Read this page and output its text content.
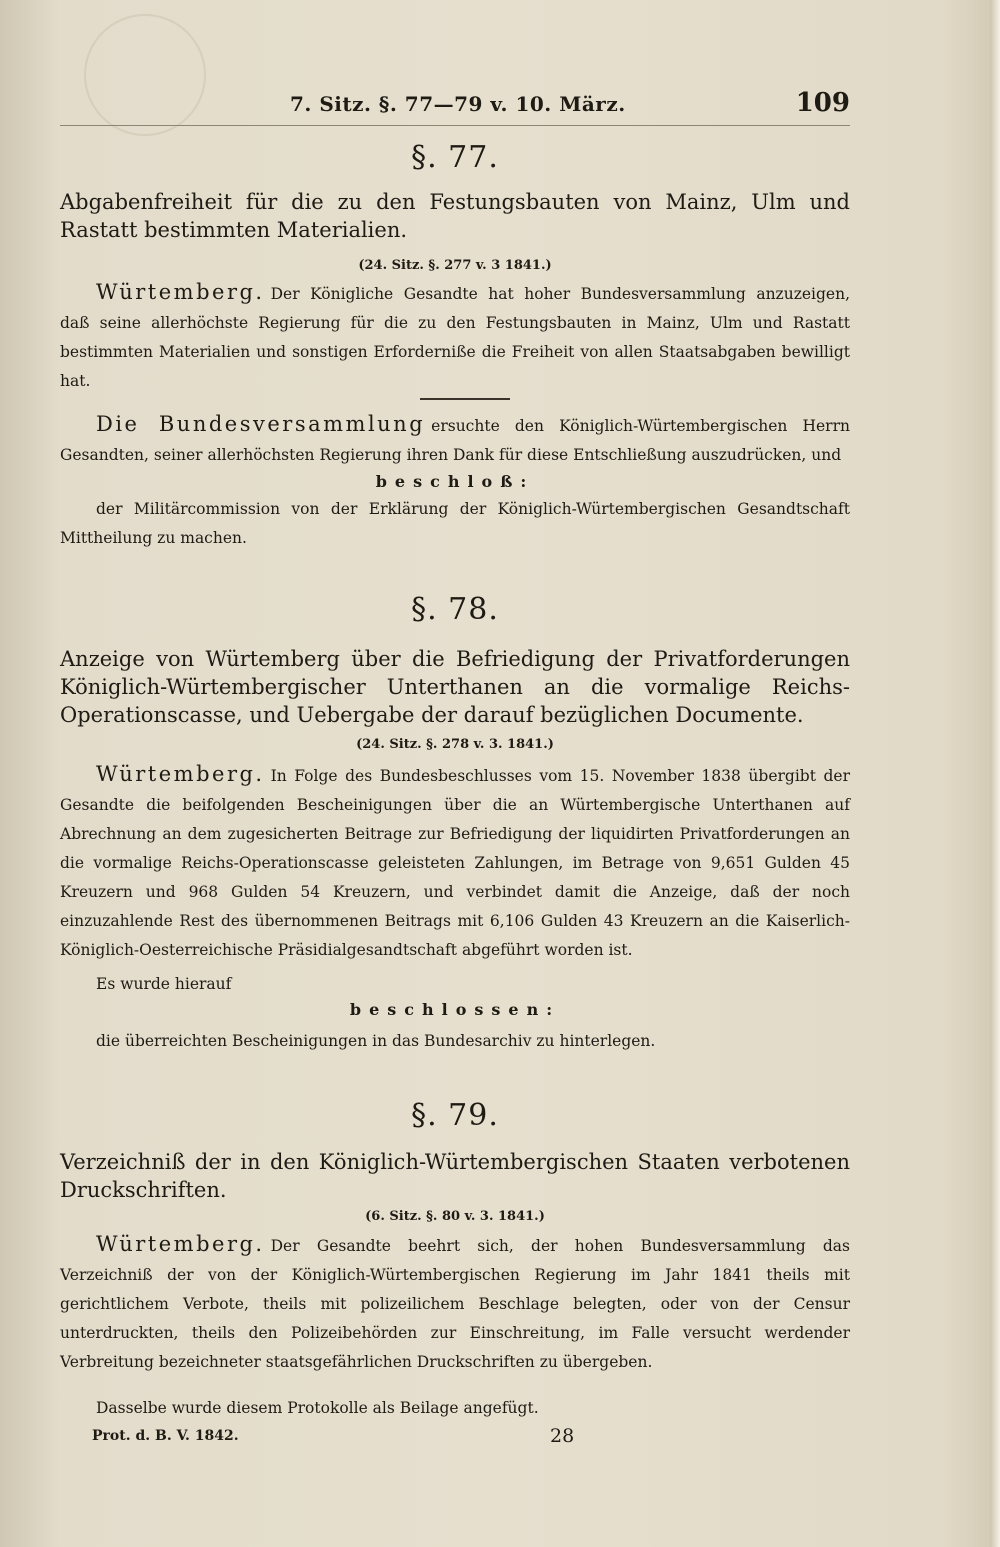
7. Sitz. §. 77—79 v. 10. März.	109
§. 77.
Abgabenfreiheit für die zu den Festungsbauten von Mainz, Ulm und Rastatt bestimmten Materialien.
(24. Sitz. §. 277 v. 3 1841.)
Würtemberg. Der Königliche Gesandte hat hoher Bundesversammlung anzuzeigen, daß seine allerhöchste Regierung für die zu den Festungsbauten in Mainz, Ulm und Rastatt bestimmten Materialien und sonstigen Erforderniße die Freiheit von allen Staatsabgaben bewilligt hat.
Die Bundesversammlung ersuchte den Königlich-Würtembergischen Herrn Gesandten, seiner allerhöchsten Regierung ihren Dank für diese Entschließung auszudrücken, und
beschloß:
der Militärcommission von der Erklärung der Königlich-Würtembergischen Gesandtschaft Mittheilung zu machen.
§. 78.
Anzeige von Würtemberg über die Befriedigung der Privatforderungen Königlich-Würtembergischer Unterthanen an die vormalige Reichs-Operationscasse, und Uebergabe der darauf bezüglichen Documente.
(24. Sitz. §. 278 v. 3. 1841.)
Würtemberg. In Folge des Bundesbeschlusses vom 15. November 1838 übergibt der Gesandte die beifolgenden Bescheinigungen über die an Würtembergische Unterthanen auf Abrechnung an dem zugesicherten Beitrage zur Befriedigung der liquidirten Privatforderungen an die vormalige Reichs-Operationscasse geleisteten Zahlungen, im Betrage von 9,651 Gulden 45 Kreuzern und 968 Gulden 54 Kreuzern, und verbindet damit die Anzeige, daß der noch einzuzahlende Rest des übernommenen Beitrags mit 6,106 Gulden 43 Kreuzern an die Kaiserlich-Königlich-Oesterreichische Präsidialgesandtschaft abgeführt worden ist.
Es wurde hierauf
beschlossen:
die überreichten Bescheinigungen in das Bundesarchiv zu hinterlegen.
§. 79.
Verzeichniß der in den Königlich-Würtembergischen Staaten verbotenen Druckschriften.
(6. Sitz. §. 80 v. 3. 1841.)
Würtemberg. Der Gesandte beehrt sich, der hohen Bundesversammlung das Verzeichniß der von der Königlich-Würtembergischen Regierung im Jahr 1841 theils mit gerichtlichem Verbote, theils mit polizeilichem Beschlage belegten, oder von der Censur unterdruckten, theils den Polizeibehörden zur Einschreitung, im Falle versucht werdender Verbreitung bezeichneter staatsgefährlichen Druckschriften zu übergeben.
Dasselbe wurde diesem Protokolle als Beilage angefügt.
Prot. d. B. V. 1842.	28
